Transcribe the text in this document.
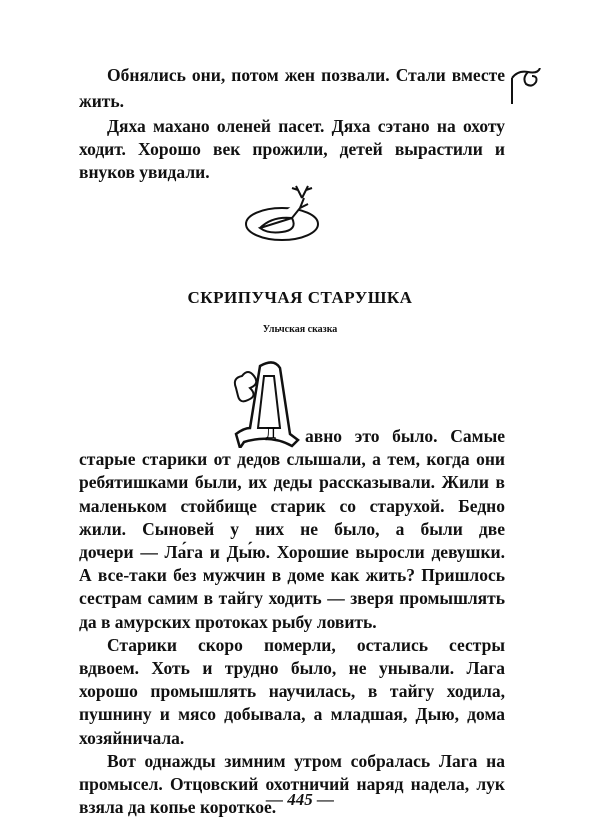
Обнялись они, потом жен позвали. Стали вместе
жить.
Дяха махано оленей пасет. Дяха сэтано на охоту
ходит. Хорошо век прожили, детей вырастили и
внуков увидали.
СКРИПУЧАЯ СТАРУШКА
Ульчская сказка
Д авно это было. Самые
старые старики от дедов слышали, а тем, когда они
ребятишками были, их деды рассказывали. Жили в
маленьком стойбище старик со старухой. Бедно
жили. Сыновей у них не было, а были две
дочери — Ла́га и Ды́ю. Хорошие выросли девушки.
А все-таки без мужчин в доме как жить? Пришлось
сестрам самим в тайгу ходить — зверя промышлять
да в амурских протоках рыбу ловить.
Старики скоро померли, остались сестры
вдвоем. Хоть и трудно было, не унывали. Лага
хорошо промышлять научилась, в тайгу ходила,
пушнину и мясо добывала, а младшая, Дыю, дома
хозяйничала.
Вот однажды зимним утром собралась Лага на
промысел. Отцовский охотничий наряд надела, лук
взяла да копье короткое.
— 445 —
